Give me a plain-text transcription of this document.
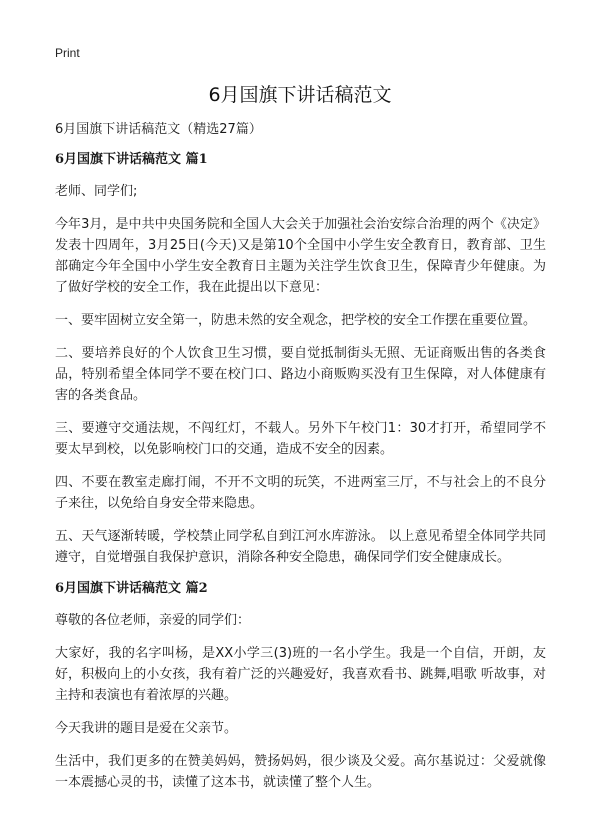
Print
6月国旗下讲话稿范文

6月国旗下讲话稿范文（精选27篇）

6月国旗下讲话稿范文 篇1

老师、同学们;

今年3月，是中共中央国务院和全国人大会关于加强社会治安综合治理的两个《决定》发表十四周年，3月25日(今天)又是第10个全国中小学生安全教育日，教育部、卫生部确定今年全国中小学生安全教育日主题为关注学生饮食卫生，保障青少年健康。为了做好学校的安全工作，我在此提出以下意见：

一、要牢固树立安全第一，防患未然的安全观念，把学校的安全工作摆在重要位置。

二、要培养良好的个人饮食卫生习惯，要自觉抵制街头无照、无证商贩出售的各类食品，特别希望全体同学不要在校门口、路边小商贩购买没有卫生保障，对人体健康有害的各类食品。

三、要遵守交通法规，不闯红灯，不载人。另外下午校门1：30才打开，希望同学不要太早到校，以免影响校门口的交通，造成不安全的因素。

四、不要在教室走廊打闹，不开不文明的玩笑，不进两室三厅，不与社会上的不良分子来往，以免给自身安全带来隐患。

五、天气逐渐转暖，学校禁止同学私自到江河水库游泳。 以上意见希望全体同学共同遵守，自觉增强自我保护意识，消除各种安全隐患，确保同学们安全健康成长。

6月国旗下讲话稿范文 篇2

尊敬的各位老师，亲爱的同学们：

大家好，我的名字叫杨，是XX小学三(3)班的一名小学生。我是一个自信，开朗，友好，积极向上的小女孩，我有着广泛的兴趣爱好，我喜欢看书、跳舞,唱歌 听故事，对主持和表演也有着浓厚的兴趣。

今天我讲的题目是爱在父亲节。

生活中，我们更多的在赞美妈妈，赞扬妈妈，很少谈及父爱。高尔基说过：父爱就像一本震撼心灵的书，读懂了这本书，就读懂了整个人生。
